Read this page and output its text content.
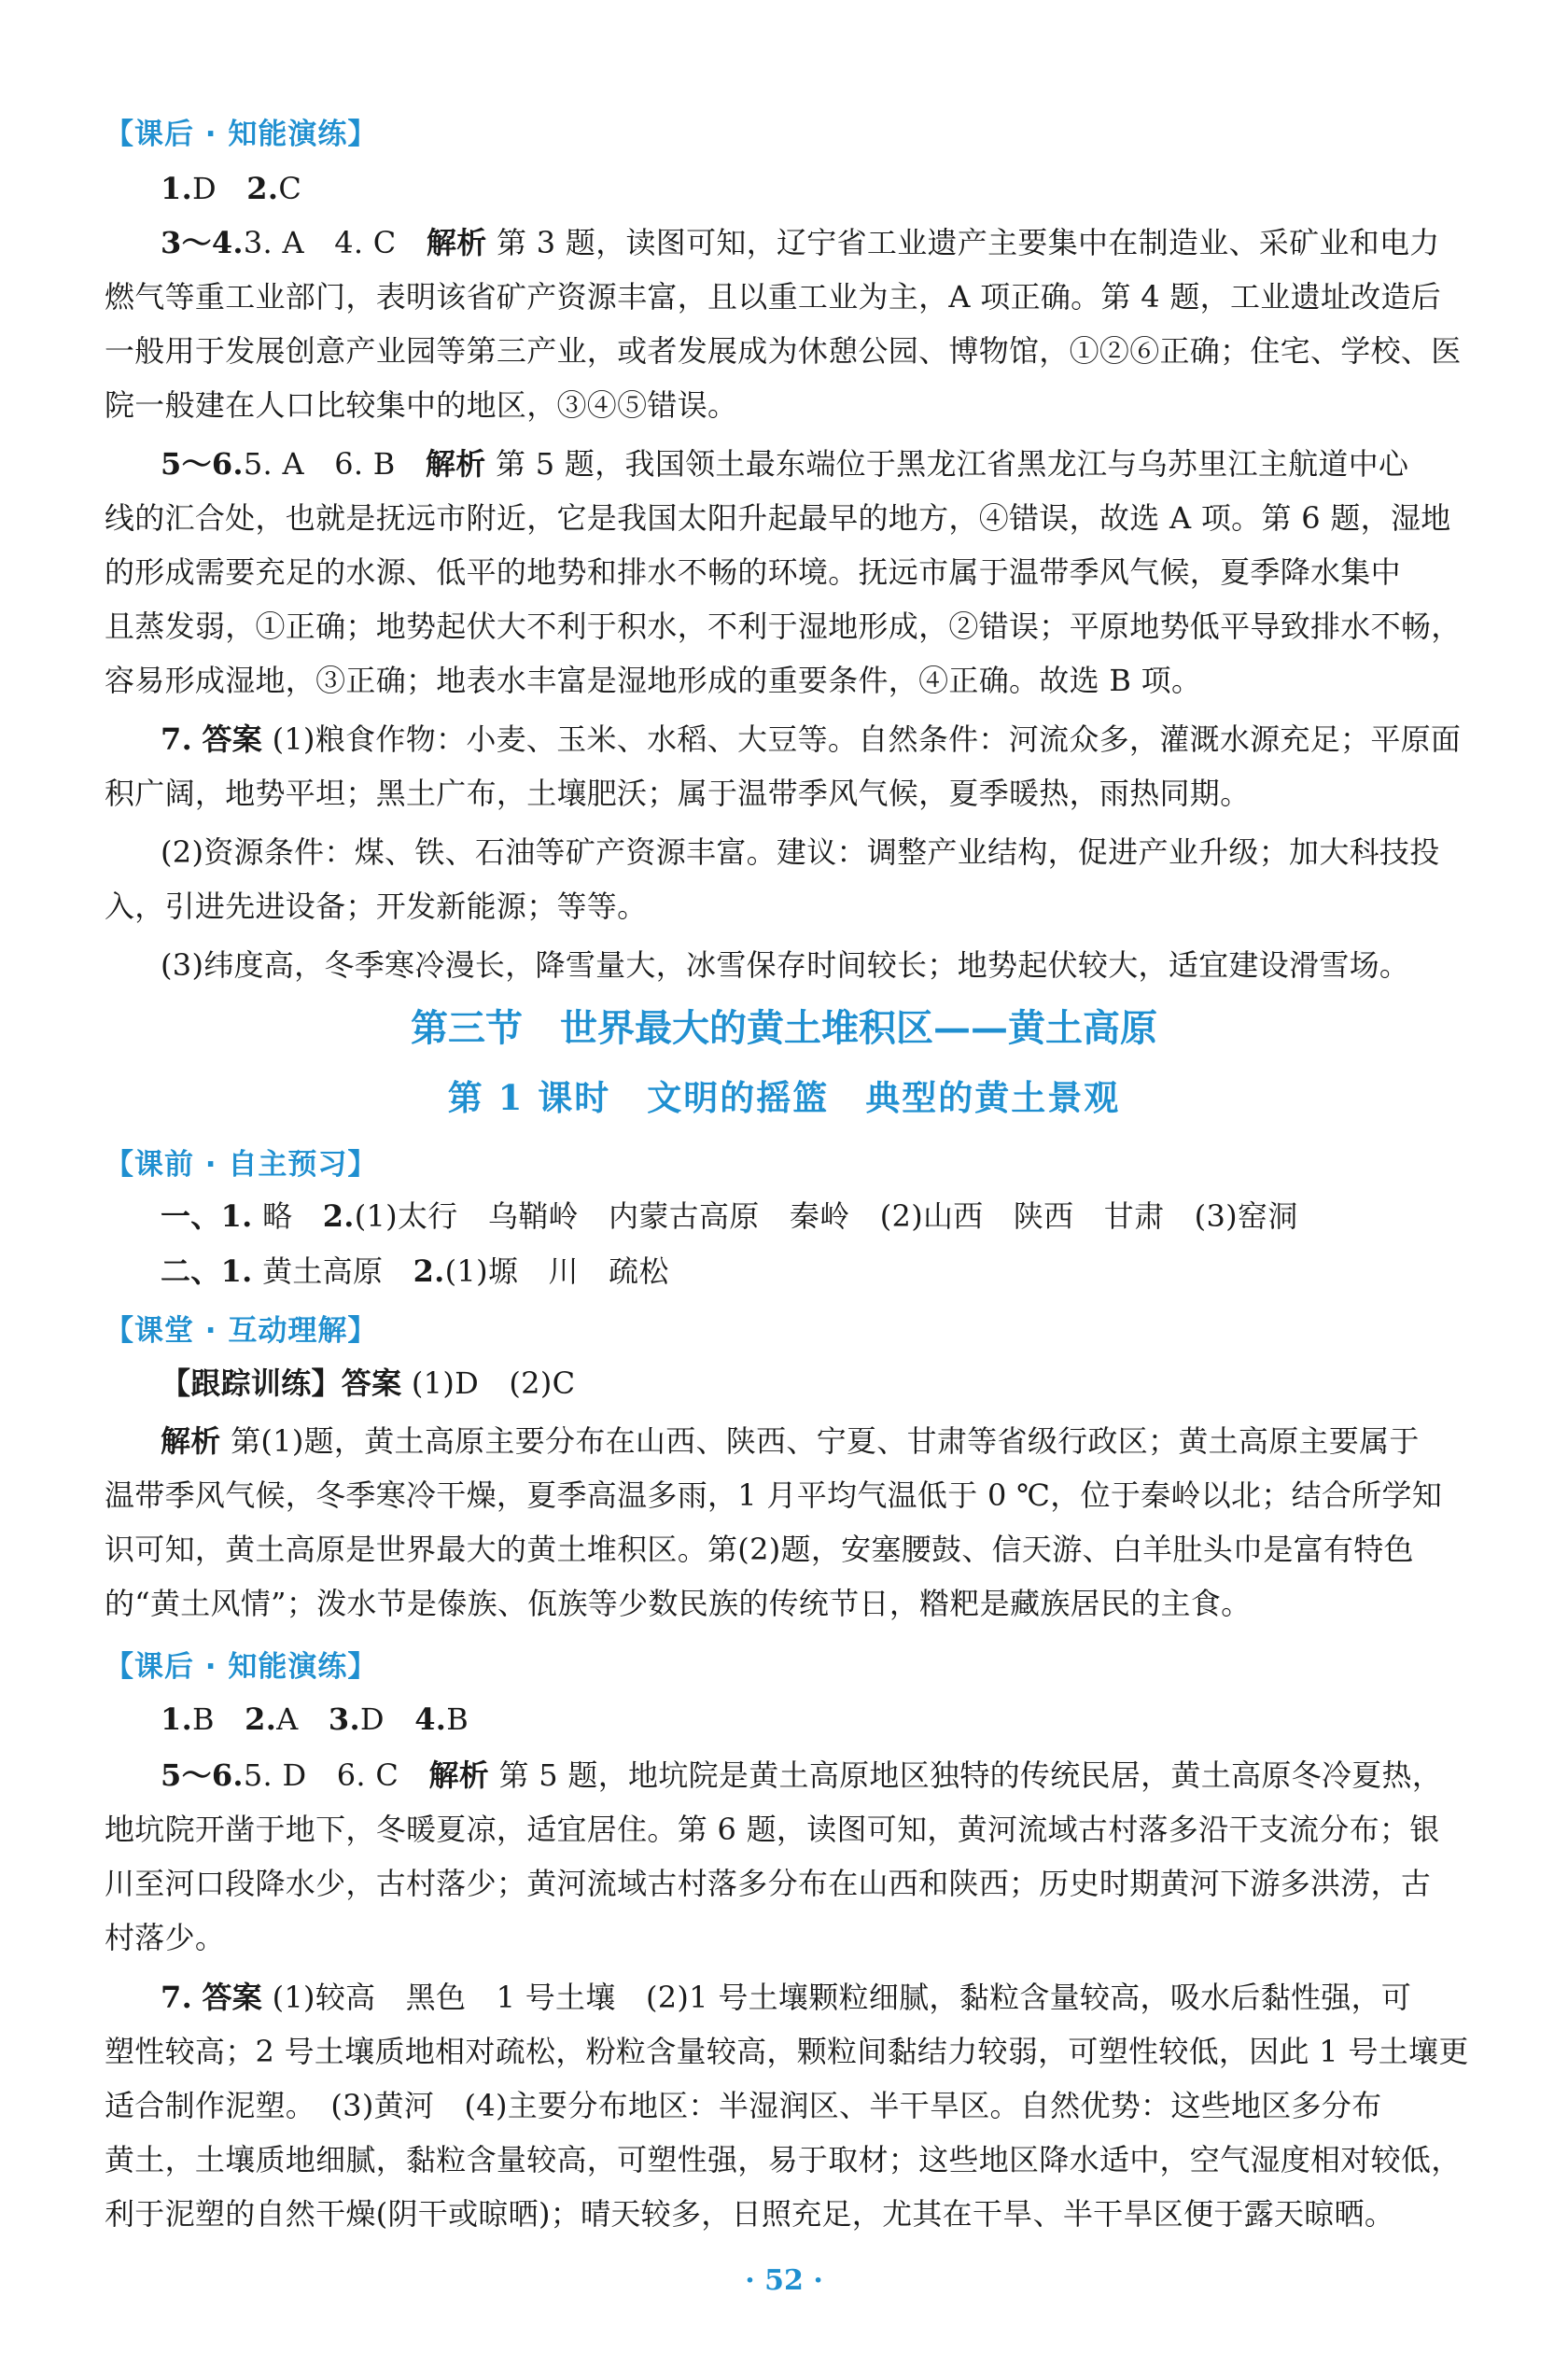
【课后 · 知能演练】
1.D　 2.C
3～4.3. A　4. C　 解析 第 3 题，读图可知，辽宁省工业遗产主要集中在制造业、采矿业和电力
燃气等重工业部门，表明该省矿产资源丰富，且以重工业为主，A 项正确。第 4 题，工业遗址改造后
一般用于发展创意产业园等第三产业，或者发展成为休憩公园、博物馆，①②⑥正确；住宅、学校、医
院一般建在人口比较集中的地区，③④⑤错误。
5～6.5. A　6. B　 解析 第 5 题，我国领土最东端位于黑龙江省黑龙江与乌苏里江主航道中心
线的汇合处，也就是抚远市附近，它是我国太阳升起最早的地方，④错误，故选 A 项。第 6 题，湿地
的形成需要充足的水源、低平的地势和排水不畅的环境。抚远市属于温带季风气候，夏季降水集中
且蒸发弱，①正确；地势起伏大不利于积水，不利于湿地形成，②错误；平原地势低平导致排水不畅，
容易形成湿地，③正确；地表水丰富是湿地形成的重要条件，④正确。故选 B 项。
7. 答案 (1)粮食作物：小麦、玉米、水稻、大豆等。自然条件：河流众多，灌溉水源充足；平原面
积广阔，地势平坦；黑土广布，土壤肥沃；属于温带季风气候，夏季暖热，雨热同期。
(2)资源条件：煤、铁、石油等矿产资源丰富。建议：调整产业结构，促进产业升级；加大科技投
入，引进先进设备；开发新能源；等等。
(3)纬度高，冬季寒冷漫长，降雪量大，冰雪保存时间较长；地势起伏较大，适宜建设滑雪场。
第三节　世界最大的黄土堆积区——黄土高原
第 1 课时　文明的摇篮　典型的黄土景观
【课前 · 自主预习】
一、1. 略　2.(1)太行　乌鞘岭　内蒙古高原　秦岭　(2)山西　陕西　甘肃　(3)窑洞
二、1. 黄土高原　2.(1)塬　川　疏松
【课堂 · 互动理解】
【跟踪训练】答案 (1)D　(2)C
解析 第(1)题，黄土高原主要分布在山西、陕西、宁夏、甘肃等省级行政区；黄土高原主要属于
温带季风气候，冬季寒冷干燥，夏季高温多雨，1 月平均气温低于 0 ℃，位于秦岭以北；结合所学知
识可知，黄土高原是世界最大的黄土堆积区。第(2)题，安塞腰鼓、信天游、白羊肚头巾是富有特色
的“黄土风情”；泼水节是傣族、佤族等少数民族的传统节日，糌粑是藏族居民的主食。
【课后 · 知能演练】
1.B　 2.A　 3.D　 4.B
5～6.5. D　6. C　 解析 第 5 题，地坑院是黄土高原地区独特的传统民居，黄土高原冬冷夏热，
地坑院开凿于地下，冬暖夏凉，适宜居住。第 6 题，读图可知，黄河流域古村落多沿干支流分布；银
川至河口段降水少，古村落少；黄河流域古村落多分布在山西和陕西；历史时期黄河下游多洪涝，古
村落少。
7. 答案 (1)较高　黑色　1 号土壤　(2)1 号土壤颗粒细腻，黏粒含量较高，吸水后黏性强，可
塑性较高；2 号土壤质地相对疏松，粉粒含量较高，颗粒间黏结力较弱，可塑性较低，因此 1 号土壤更
适合制作泥塑。　(3)黄河　(4)主要分布地区：半湿润区、半干旱区。自然优势：这些地区多分布
黄土，土壤质地细腻，黏粒含量较高，可塑性强，易于取材；这些地区降水适中，空气湿度相对较低，
利于泥塑的自然干燥(阴干或晾晒)；晴天较多，日照充足，尤其在干旱、半干旱区便于露天晾晒。
· 52 ·
